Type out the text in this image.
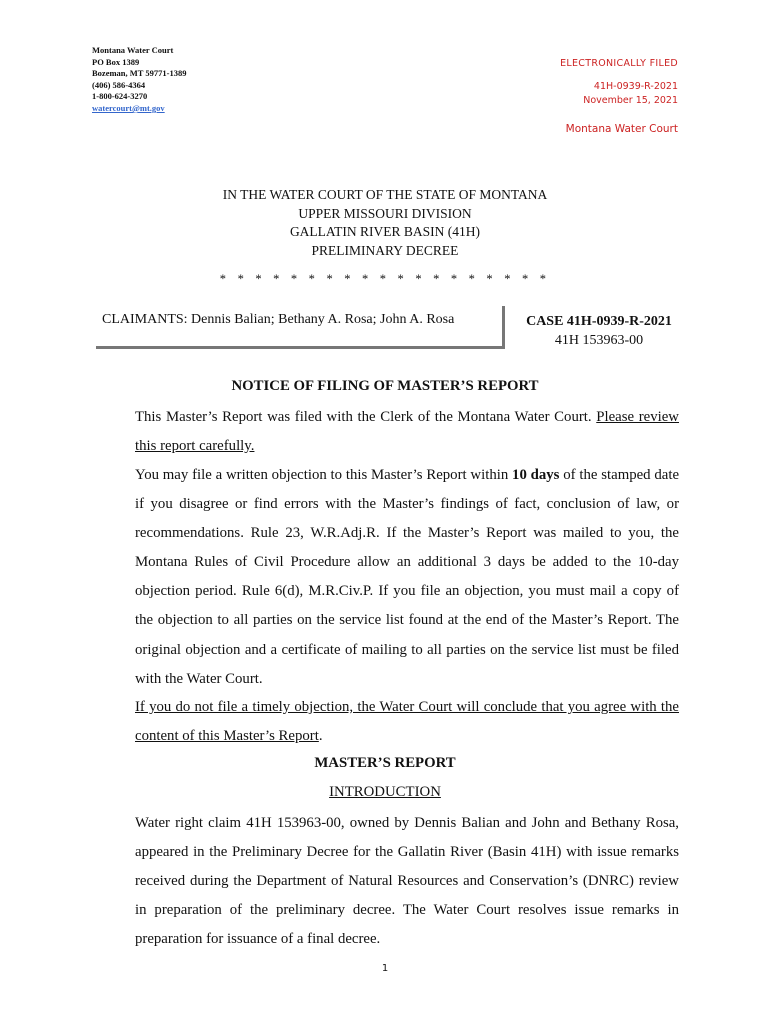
Montana Water Court
PO Box 1389
Bozeman, MT 59771-1389
(406) 586-4364
1-800-624-3270
watercourt@mt.gov
ELECTRONICALLY FILED
41H-0939-R-2021
November 15, 2021
Montana Water Court
IN THE WATER COURT OF THE STATE OF MONTANA
UPPER MISSOURI DIVISION
GALLATIN RIVER BASIN (41H)
PRELIMINARY DECREE
* * * * * * * * * * * * * * * * * * *
CLAIMANTS: Dennis Balian; Bethany A. Rosa; John A. Rosa	CASE 41H-0939-R-2021
41H 153963-00
NOTICE OF FILING OF MASTER’S REPORT
This Master’s Report was filed with the Clerk of the Montana Water Court. Please review this report carefully.
You may file a written objection to this Master’s Report within 10 days of the stamped date if you disagree or find errors with the Master’s findings of fact, conclusion of law, or recommendations. Rule 23, W.R.Adj.R. If the Master’s Report was mailed to you, the Montana Rules of Civil Procedure allow an additional 3 days be added to the 10-day objection period. Rule 6(d), M.R.Civ.P. If you file an objection, you must mail a copy of the objection to all parties on the service list found at the end of the Master’s Report. The original objection and a certificate of mailing to all parties on the service list must be filed with the Water Court.
If you do not file a timely objection, the Water Court will conclude that you agree with the content of this Master’s Report.
MASTER’S REPORT
INTRODUCTION
Water right claim 41H 153963-00, owned by Dennis Balian and John and Bethany Rosa, appeared in the Preliminary Decree for the Gallatin River (Basin 41H) with issue remarks received during the Department of Natural Resources and Conservation’s (DNRC) review in preparation of the preliminary decree. The Water Court resolves issue remarks in preparation for issuance of a final decree.
1
